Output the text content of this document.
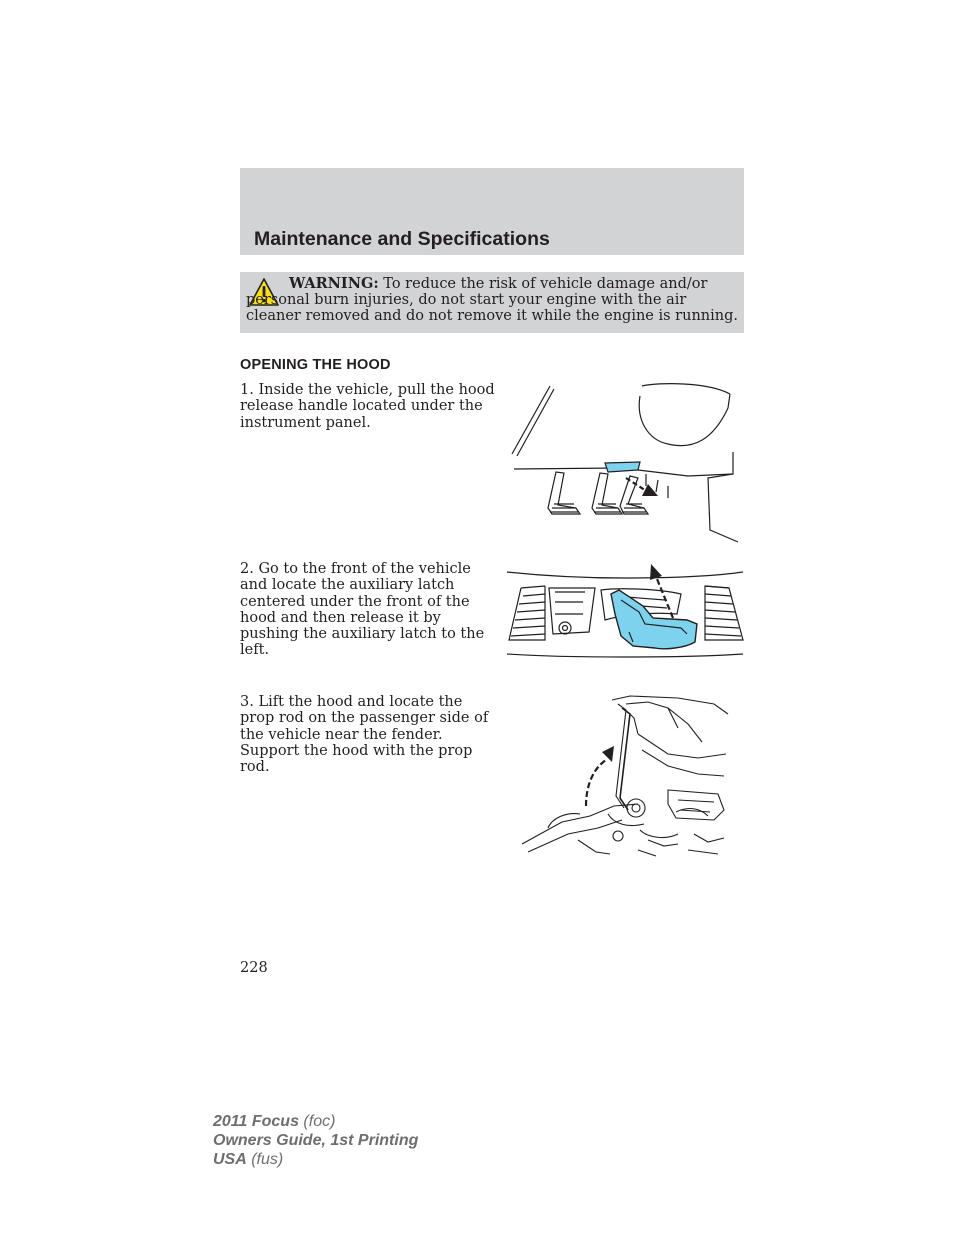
Maintenance and Specifications

WARNING: To reduce the risk of vehicle damage and/or personal burn injuries, do not start your engine with the air cleaner removed and do not remove it while the engine is running.

OPENING THE HOOD

1. Inside the vehicle, pull the hood release handle located under the instrument panel.

2. Go to the front of the vehicle and locate the auxiliary latch centered under the front of the hood and then release it by pushing the auxiliary latch to the left.

3. Lift the hood and locate the prop rod on the passenger side of the vehicle near the fender. Support the hood with the prop rod.

228

2011 Focus (foc)
Owners Guide, 1st Printing
USA (fus)
